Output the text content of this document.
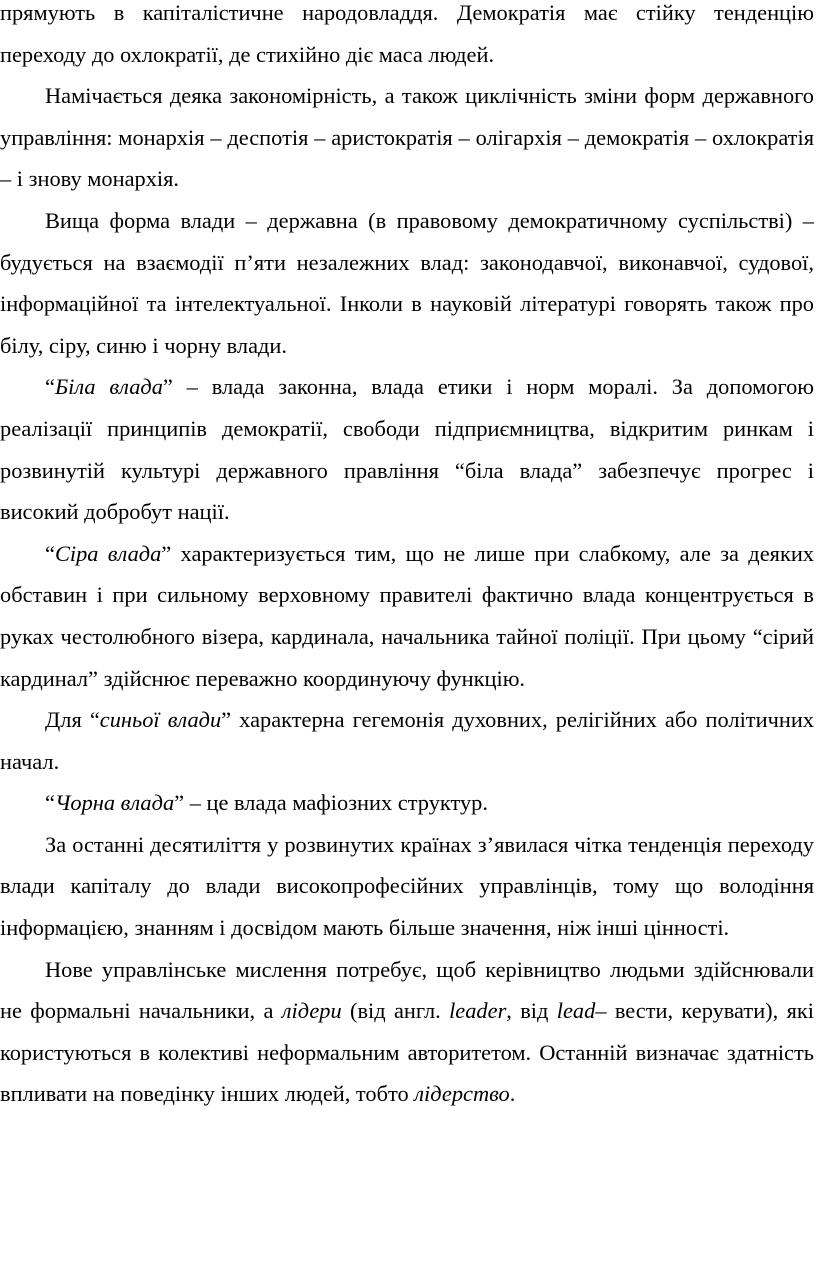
прямують в капіталістичне народовладдя. Демократія має стійку тенденцію переходу до охлократії, де стихійно діє маса людей.

Намічається деяка закономірність, а також циклічність зміни форм державного управління: монархія – деспотія – аристократія – олігархія – демократія – охлократія – і знову монархія.

Вища форма влади – державна (в правовому демократичному суспільстві) – будується на взаємодії п’яти незалежних влад: законодавчої, виконавчої, судової, інформаційної та інтелектуальної. Інколи в науковій літературі говорять також про білу, сіру, синю і чорну влади.

“Біла влада” – влада законна, влада етики і норм моралі. За допомогою реалізації принципів демократії, свободи підприємництва, відкритим ринкам і розвинутій культурі державного правління “біла влада” забезпечує прогрес і високий добробут нації.

“Сіра влада” характеризується тим, що не лише при слабкому, але за деяких обставин і при сильному верховному правителі фактично влада концентрується в руках честолюбного візера, кардинала, начальника тайної поліції. При цьому “сірий кардинал” здійснює переважно координуючу функцію.

Для “синьої влади” характерна гегемонія духовних, релігійних або політичних начал.

“Чорна влада” – це влада мафіозних структур.

За останні десятиліття у розвинутих країнах з’явилася чітка тенденція переходу влади капіталу до влади високопрофесійних управлінців, тому що володіння інформацією, знанням і досвідом мають більше значення, ніж інші цінності.

Нове управлінське мислення потребує, щоб керівництво людьми здійснювали не формальні начальники, а лідери (від англ. leader, від lead– вести, керувати), які користуються в колективі неформальним авторитетом. Останній визначає здатність впливати на поведінку інших людей, тобто лідерство.
